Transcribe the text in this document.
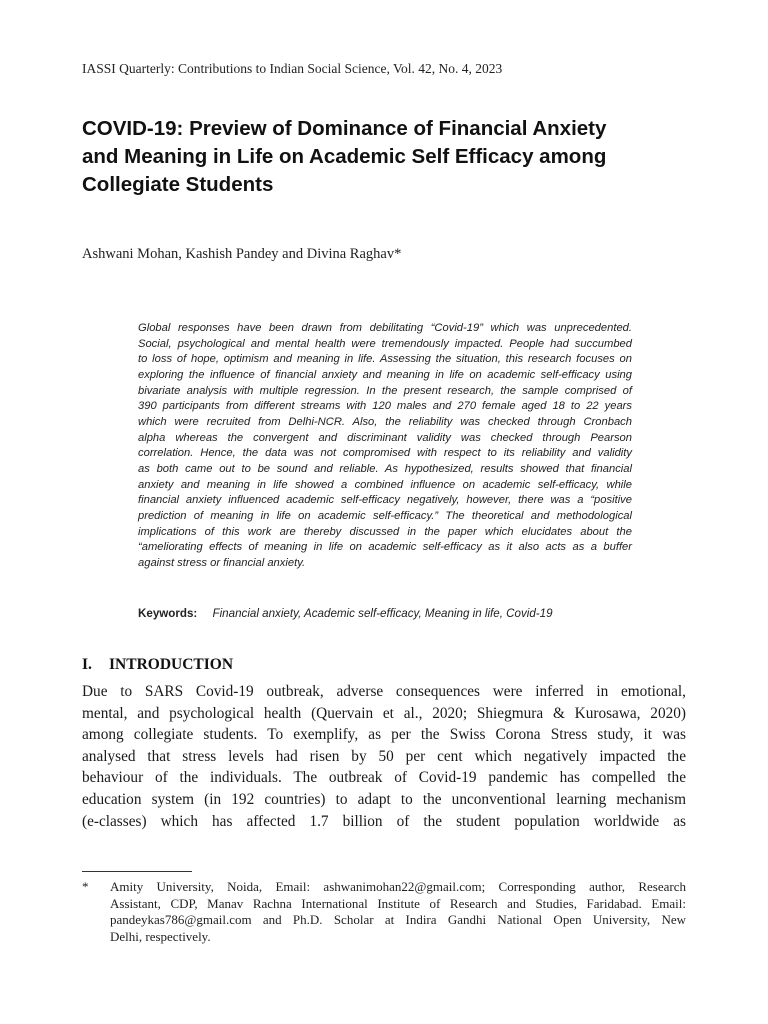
IASSI Quarterly: Contributions to Indian Social Science, Vol. 42, No. 4, 2023
COVID-19: Preview of Dominance of Financial Anxiety
and Meaning in Life on Academic Self Efficacy among
Collegiate Students
Ashwani Mohan, Kashish Pandey and Divina Raghav*
Global responses have been drawn from debilitating “Covid-19” which was unprecedented.
Social, psychological and mental health were tremendously impacted. People had succumbed
to loss of hope, optimism and meaning in life. Assessing the situation, this research focuses on
exploring the influence of financial anxiety and meaning in life on academic self-efficacy using
bivariate analysis with multiple regression. In the present research, the sample comprised of
390 participants from different streams with 120 males and 270 female aged 18 to 22 years
which were recruited from Delhi-NCR. Also, the reliability was checked through Cronbach
alpha whereas the convergent and discriminant validity was checked through Pearson
correlation. Hence, the data was not compromised with respect to its reliability and validity
as both came out to be sound and reliable. As hypothesized, results showed that financial
anxiety and meaning in life showed a combined influence on academic self-efficacy, while
financial anxiety influenced academic self-efficacy negatively, however, there was a “positive
prediction of meaning in life on academic self-efficacy.” The theoretical and methodological
implications of this work are thereby discussed in the paper which elucidates about the
“ameliorating effects of meaning in life on academic self-efficacy as it also acts as a buffer
against stress or financial anxiety.
Keywords: Financial anxiety, Academic self-efficacy, Meaning in life, Covid-19
I. INTRODUCTION
Due to SARS Covid-19 outbreak, adverse consequences were inferred in emotional,
mental, and psychological health (Quervain et al., 2020; Shiegmura & Kurosawa, 2020)
among collegiate students. To exemplify, as per the Swiss Corona Stress study, it was
analysed that stress levels had risen by 50 per cent which negatively impacted the
behaviour of the individuals. The outbreak of Covid-19 pandemic has compelled the
education system (in 192 countries) to adapt to the unconventional learning mechanism
(e-classes) which has affected 1.7 billion of the student population worldwide as
* Amity University, Noida, Email: ashwanimohan22@gmail.com; Corresponding author, Research
Assistant, CDP, Manav Rachna International Institute of Research and Studies, Faridabad. Email:
pandeykas786@gmail.com and Ph.D. Scholar at Indira Gandhi National Open University, New
Delhi, respectively.
